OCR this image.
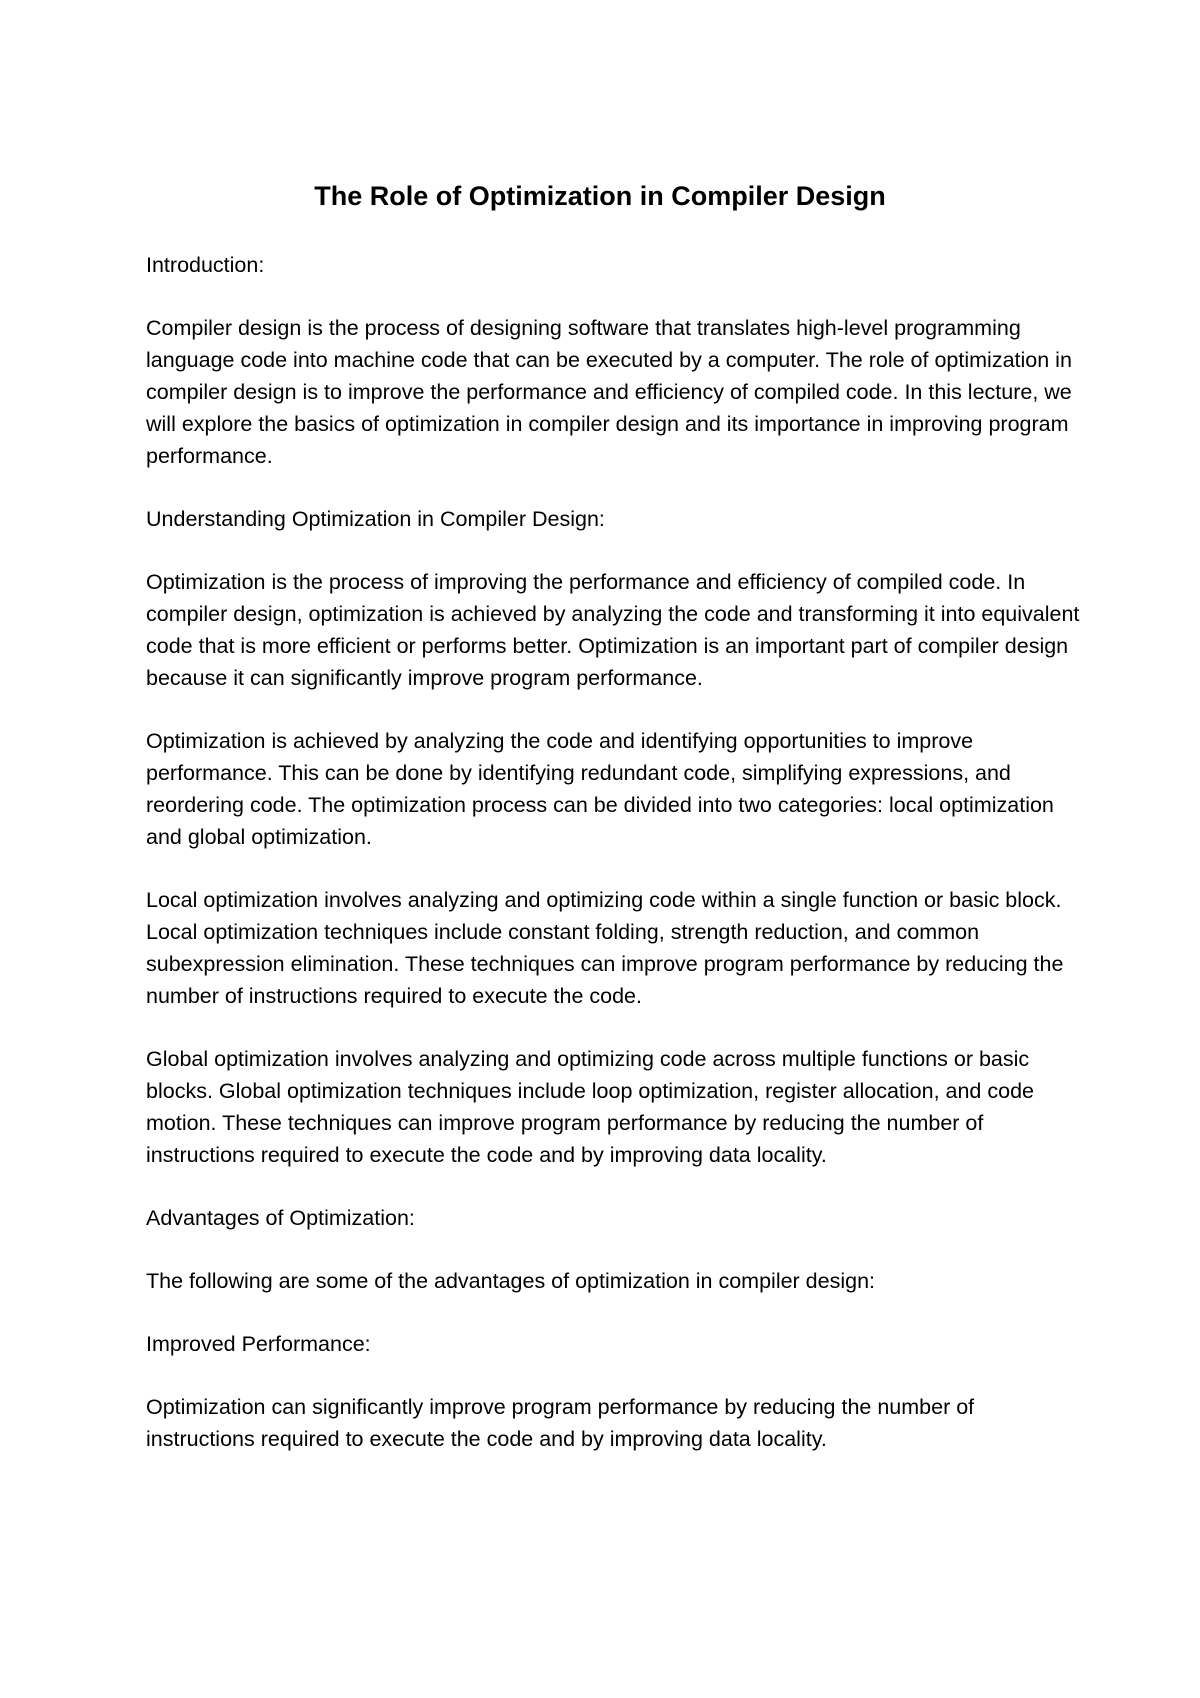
The Role of Optimization in Compiler Design

Introduction:

Compiler design is the process of designing software that translates high-level programming language code into machine code that can be executed by a computer. The role of optimization in compiler design is to improve the performance and efficiency of compiled code. In this lecture, we will explore the basics of optimization in compiler design and its importance in improving program performance.

Understanding Optimization in Compiler Design:

Optimization is the process of improving the performance and efficiency of compiled code. In compiler design, optimization is achieved by analyzing the code and transforming it into equivalent code that is more efficient or performs better. Optimization is an important part of compiler design because it can significantly improve program performance.

Optimization is achieved by analyzing the code and identifying opportunities to improve performance. This can be done by identifying redundant code, simplifying expressions, and reordering code. The optimization process can be divided into two categories: local optimization and global optimization.

Local optimization involves analyzing and optimizing code within a single function or basic block. Local optimization techniques include constant folding, strength reduction, and common subexpression elimination. These techniques can improve program performance by reducing the number of instructions required to execute the code.

Global optimization involves analyzing and optimizing code across multiple functions or basic blocks. Global optimization techniques include loop optimization, register allocation, and code motion. These techniques can improve program performance by reducing the number of instructions required to execute the code and by improving data locality.

Advantages of Optimization:

The following are some of the advantages of optimization in compiler design:

Improved Performance:

Optimization can significantly improve program performance by reducing the number of instructions required to execute the code and by improving data locality.
